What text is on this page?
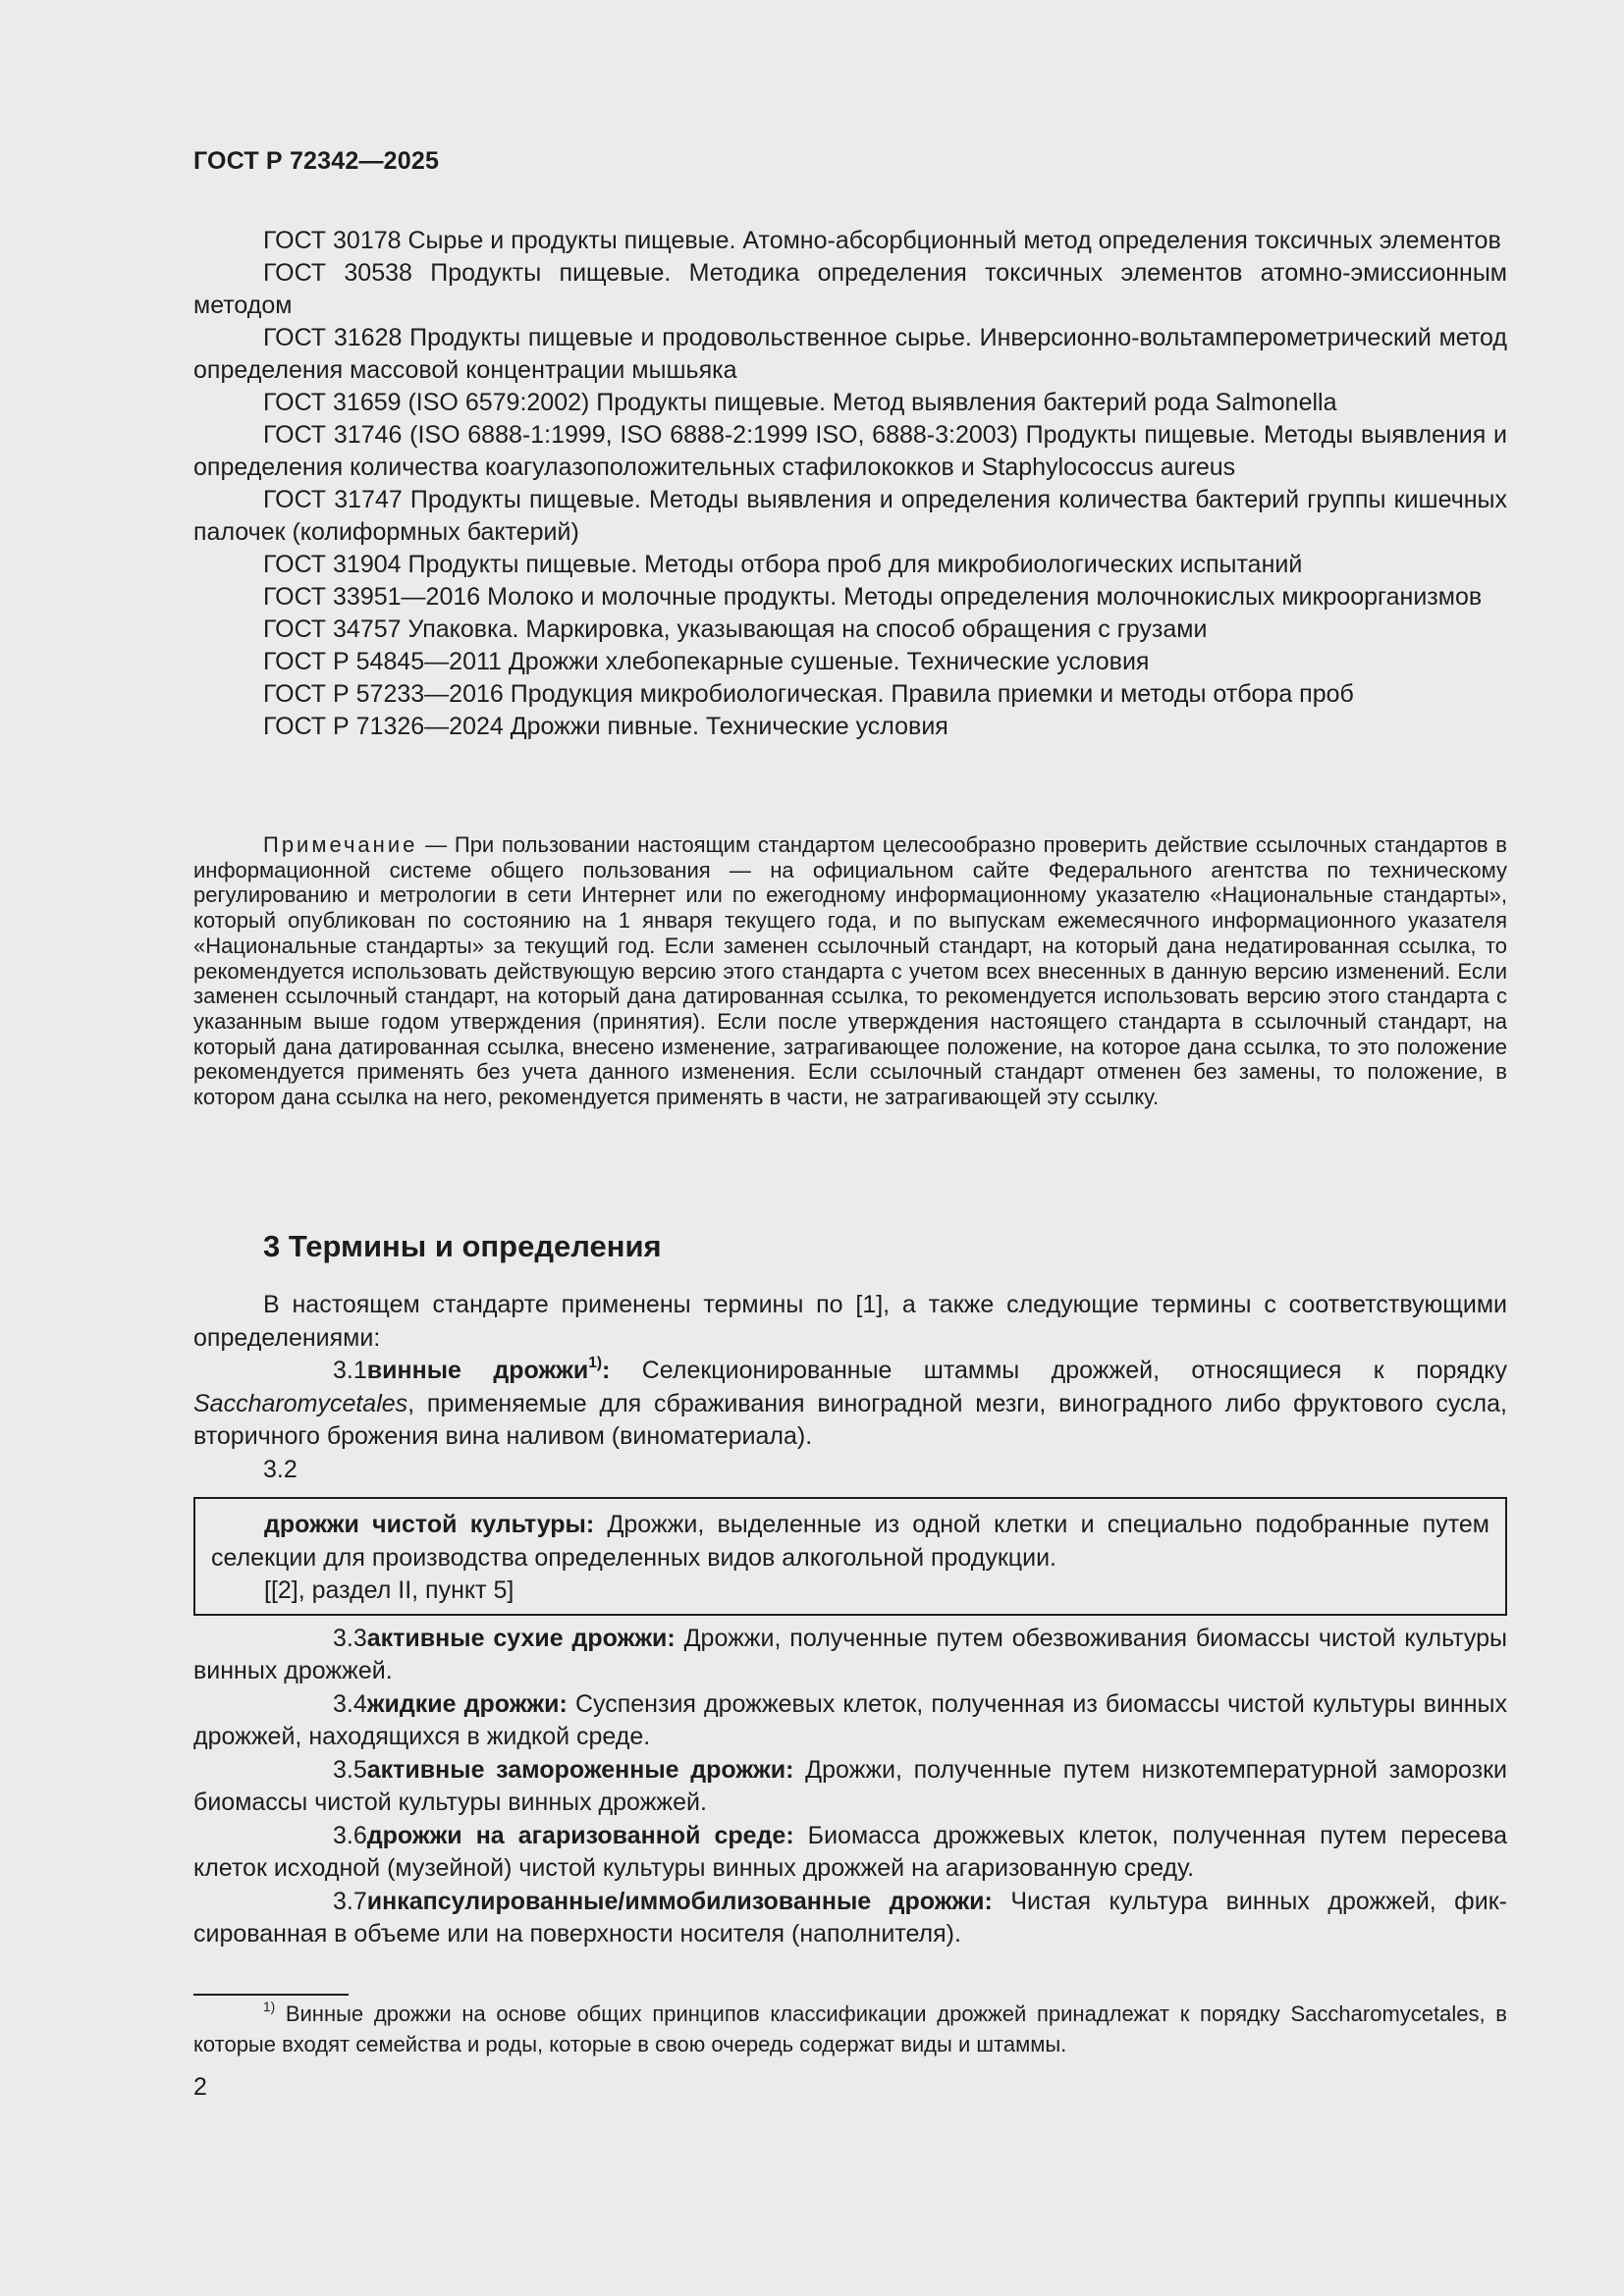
ГОСТ Р 72342—2025

ГОСТ 30178 Сырье и продукты пищевые. Атомно-абсорбционный метод определения токсичных элементов

ГОСТ 30538 Продукты пищевые. Методика определения токсичных элементов атомно-эмиссионным методом

ГОСТ 31628 Продукты пищевые и продовольственное сырье. Инверсионно-вольтамперометрический метод определения массовой концентрации мышьяка

ГОСТ 31659 (ISO 6579:2002) Продукты пищевые. Метод выявления бактерий рода Salmonella

ГОСТ 31746 (ISO 6888-1:1999, ISO 6888-2:1999 ISO, 6888-3:2003) Продукты пищевые. Методы выявления и определения количества коагулазоположительных стафилококков и Staphylococcus aureus

ГОСТ 31747 Продукты пищевые. Методы выявления и определения количества бактерий группы кишечных палочек (колиформных бактерий)

ГОСТ 31904 Продукты пищевые. Методы отбора проб для микробиологических испытаний

ГОСТ 33951—2016 Молоко и молочные продукты. Методы определения молочнокислых микроорганизмов

ГОСТ 34757 Упаковка. Маркировка, указывающая на способ обращения с грузами

ГОСТ Р 54845—2011 Дрожжи хлебопекарные сушеные. Технические условия

ГОСТ Р 57233—2016 Продукция микробиологическая. Правила приемки и методы отбора проб

ГОСТ Р 71326—2024 Дрожжи пивные. Технические условия

Примечание — При пользовании настоящим стандартом целесообразно проверить действие ссылочных стандартов в информационной системе общего пользования — на официальном сайте Федерального агентства по техническому регулированию и метрологии в сети Интернет или по ежегодному информационному указателю «Национальные стандарты», который опубликован по состоянию на 1 января текущего года, и по выпускам ежемесячного информационного указателя «Национальные стандарты» за текущий год. Если заменен ссылочный стандарт, на который дана недатированная ссылка, то рекомендуется использовать действующую версию этого стандарта с учетом всех внесенных в данную версию изменений. Если заменен ссылочный стандарт, на который дана датированная ссылка, то рекомендуется использовать версию этого стандарта с указанным выше годом утверждения (принятия). Если после утверждения настоящего стандарта в ссылочный стандарт, на который дана датированная ссылка, внесено изменение, затрагивающее положение, на которое дана ссылка, то это положение рекомендуется применять без учета данного изменения. Если ссылочный стандарт отменен без замены, то положение, в котором дана ссылка на него, рекомендуется применять в части, не затрагивающей эту ссылку.

3 Термины и определения

В настоящем стандарте применены термины по [1], а также следующие термины с соответствующими определениями:

3.1винные дрожжи$^{1)}$: Селекционированные штаммы дрожжей, относящиеся к порядку Saccharomycetales, применяемые для сбраживания виноградной мезги, виноградного либо фруктового сусла, вторичного брожения вина наливом (виноматериала).

3.2

дрожжи чистой культуры: Дрожжи, выделенные из одной клетки и специально подобранные путем селекции для производства определенных видов алкогольной продукции.

[[2], раздел II, пункт 5]

3.3активные сухие дрожжи: Дрожжи, полученные путем обезвоживания биомассы чистой культуры винных дрожжей.

3.4жидкие дрожжи: Суспензия дрожжевых клеток, полученная из биомассы чистой культуры винных дрожжей, находящихся в жидкой среде.

3.5активные замороженные дрожжи: Дрожжи, полученные путем низкотемпературной заморозки биомассы чистой культуры винных дрожжей.

3.6дрожжи на агаризованной среде: Биомасса дрожжевых клеток, полученная путем пересева клеток исходной (музейной) чистой культуры винных дрожжей на агаризованную среду.

3.7инкапсулированные/иммобилизованные дрожжи: Чистая культура винных дрожжей, фиксированная в объеме или на поверхности носителя (наполнителя).

$^{1)}$ Винные дрожжи на основе общих принципов классификации дрожжей принадлежат к порядку Saccharomycetales, в которые входят семейства и роды, которые в свою очередь содержат виды и штаммы.

2
